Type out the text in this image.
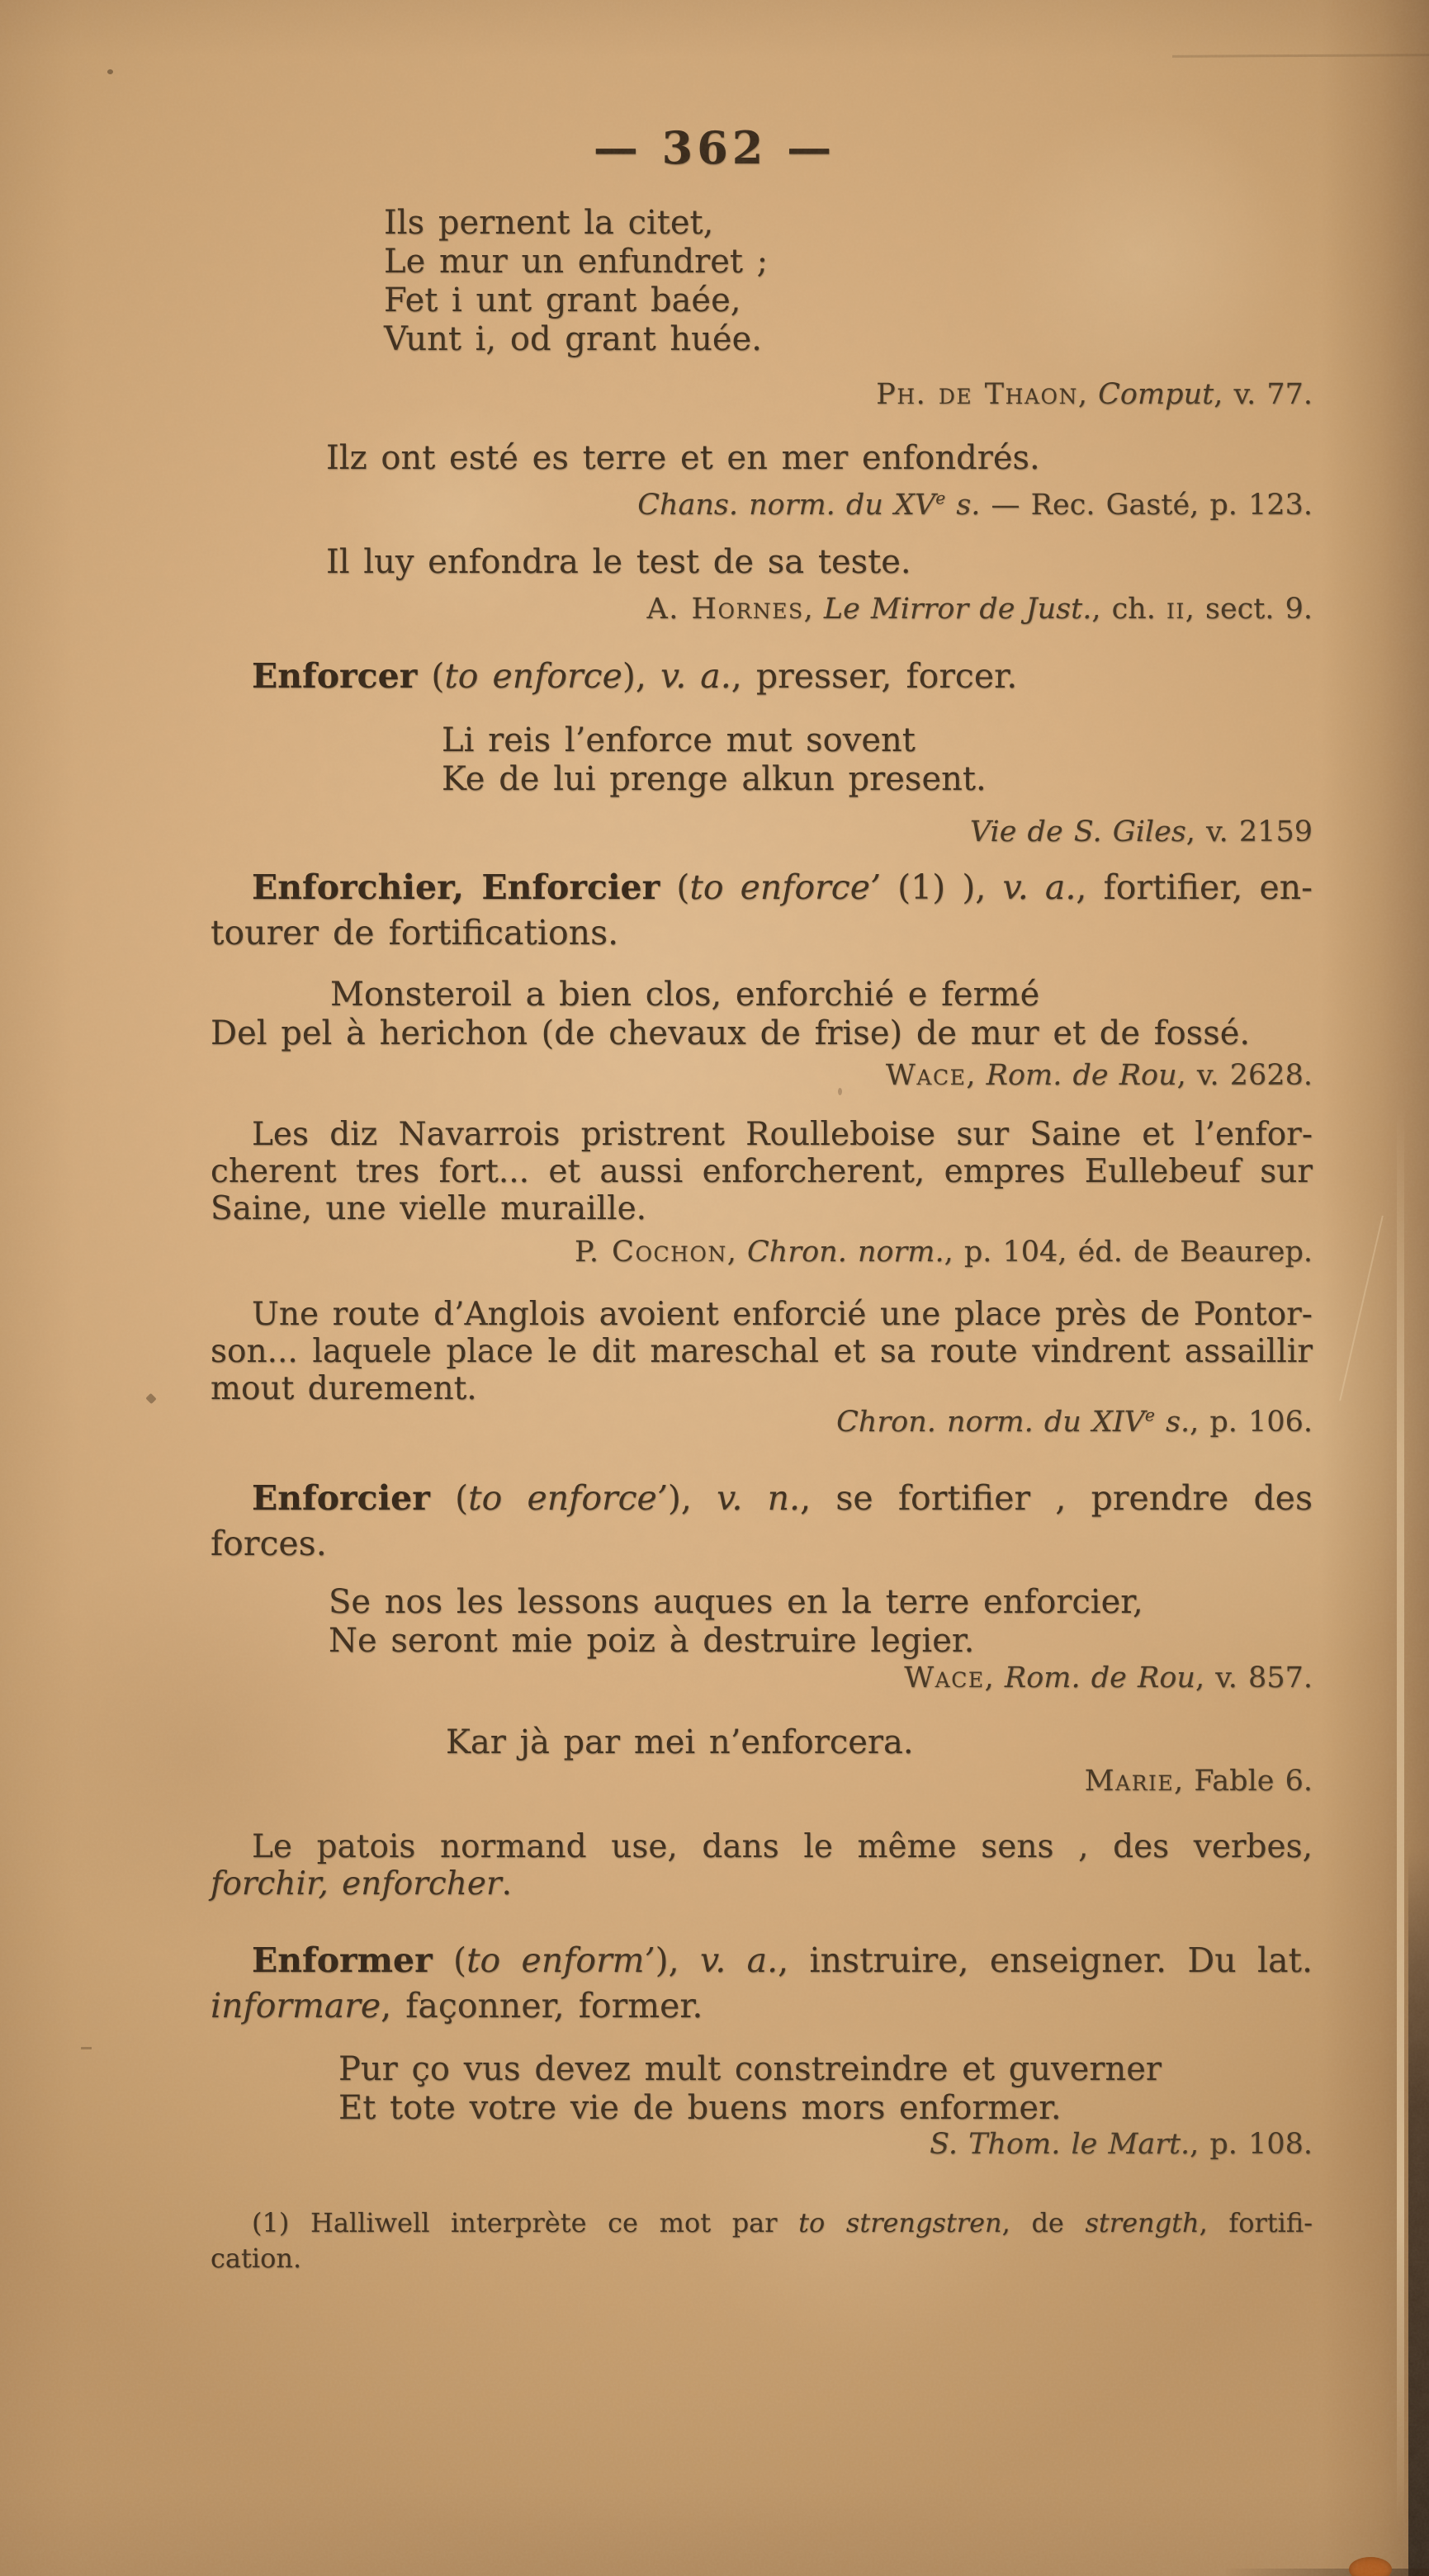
— 362 —
Ils pernent la citet,
Le mur un enfundret ;
Fet i unt grant baée,
Vunt i, od grant huée.
Ph. de Thaon, Comput, v. 77.
Ilz ont esté es terre et en mer enfondrés.
Chans. norm. du XVe s. — Rec. Gasté, p. 123.
Il luy enfondra le test de sa teste.
A. Hornes, Le Mirror de Just., ch. ii, sect. 9.
Enforcer (to enforce), v. a., presser, forcer.
Li reis l’enforce mut sovent
Ke de lui prenge alkun present.
Vie de S. Giles, v. 2159
Enforchier, Enforcier (to enforce’ (1) ), v. a., fortifier, en-
tourer de fortifications.
Monsteroil a bien clos, enforchié e fermé
Del pel à herichon (de chevaux de frise) de mur et de fossé.
Wace, Rom. de Rou, v. 2628.
Les diz Navarrois pristrent Roulleboise sur Saine et l’enfor-
cherent tres fort... et aussi enforcherent, empres Eullebeuf sur
Saine, une vielle muraille.
P. Cochon, Chron. norm., p. 104, éd. de Beaurep.
Une route d’Anglois avoient enforcié une place près de Pontor-
son... laquele place le dit mareschal et sa route vindrent assaillir
mout durement.
Chron. norm. du XIVe s., p. 106.
Enforcier (to enforce’), v. n., se fortifier , prendre des
forces.
Se nos les lessons auques en la terre enforcier,
Ne seront mie poiz à destruire legier.
Wace, Rom. de Rou, v. 857.
Kar jà par mei n’enforcera.
Marie, Fable 6.
Le patois normand use, dans le même sens , des verbes,
forchir, enforcher.
Enformer (to enform’), v. a., instruire, enseigner. Du lat.
informare, façonner, former.
Pur ço vus devez mult constreindre et guverner
Et tote votre vie de buens mors enformer.
S. Thom. le Mart., p. 108.
(1) Halliwell interprète ce mot par to strengstren, de strength, fortifi-
cation.
